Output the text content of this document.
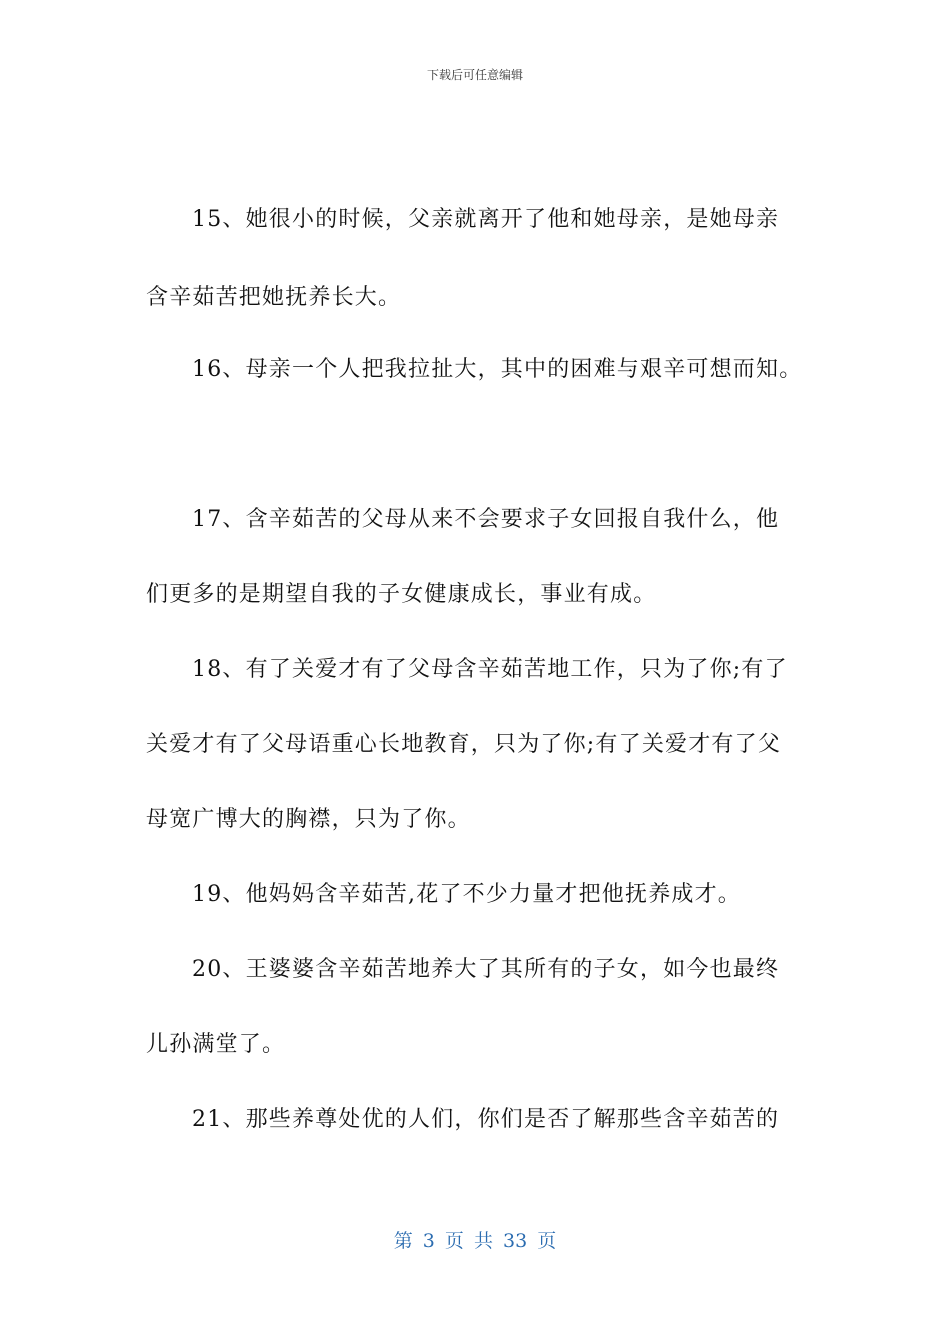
下载后可任意编辑
15、她很小的时候，父亲就离开了他和她母亲，是她母亲
含辛茹苦把她抚养长大。
16、母亲一个人把我拉扯大，其中的困难与艰辛可想而知。
17、含辛茹苦的父母从来不会要求子女回报自我什么，他
们更多的是期望自我的子女健康成长，事业有成。
18、有了关爱才有了父母含辛茹苦地工作，只为了你;有了
关爱才有了父母语重心长地教育，只为了你;有了关爱才有了父
母宽广博大的胸襟，只为了你。
19、他妈妈含辛茹苦,花了不少力量才把他抚养成才。
20、王婆婆含辛茹苦地养大了其所有的子女，如今也最终
儿孙满堂了。
21、那些养尊处优的人们，你们是否了解那些含辛茹苦的
第 3 页 共 33 页
